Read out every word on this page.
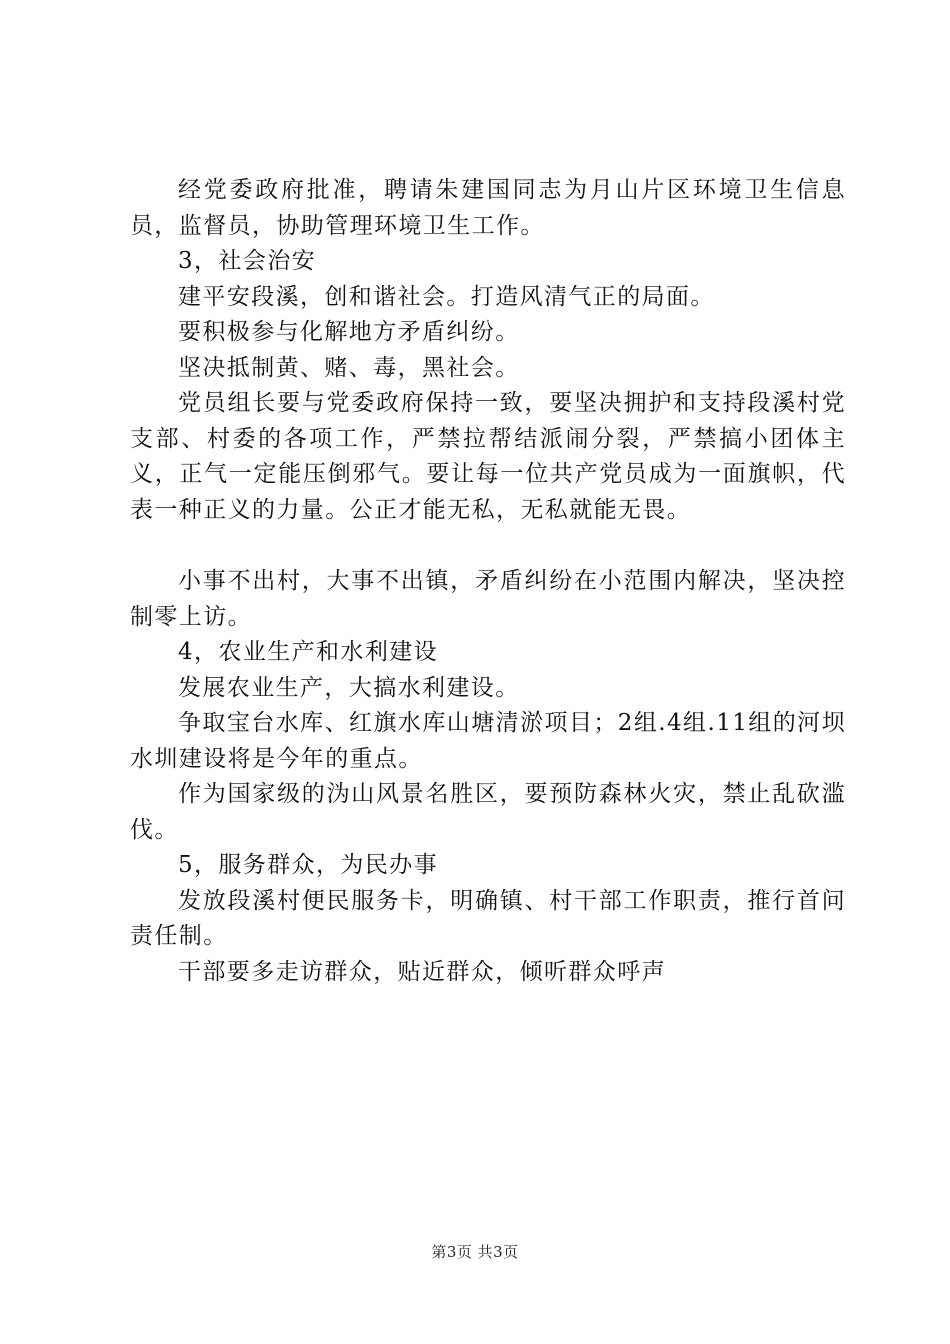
经党委政府批准，聘请朱建国同志为月山片区环境卫生信息员，监督员，协助管理环境卫生工作。

3，社会治安

建平安段溪，创和谐社会。打造风清气正的局面。

要积极参与化解地方矛盾纠纷。

坚决抵制黄、赌、毒，黑社会。

党员组长要与党委政府保持一致，要坚决拥护和支持段溪村党支部、村委的各项工作，严禁拉帮结派闹分裂，严禁搞小团体主义，正气一定能压倒邪气。要让每一位共产党员成为一面旗帜，代表一种正义的力量。公正才能无私，无私就能无畏。

小事不出村，大事不出镇，矛盾纠纷在小范围内解决，坚决控制零上访。

4，农业生产和水利建设

发展农业生产，大搞水利建设。

争取宝台水库、红旗水库山塘清淤项目；2组.4组.11组的河坝水圳建设将是今年的重点。

作为国家级的沩山风景名胜区，要预防森林火灾，禁止乱砍滥伐。

5，服务群众，为民办事

发放段溪村便民服务卡，明确镇、村干部工作职责，推行首问责任制。

干部要多走访群众，贴近群众，倾听群众呼声

第3页 共3页
